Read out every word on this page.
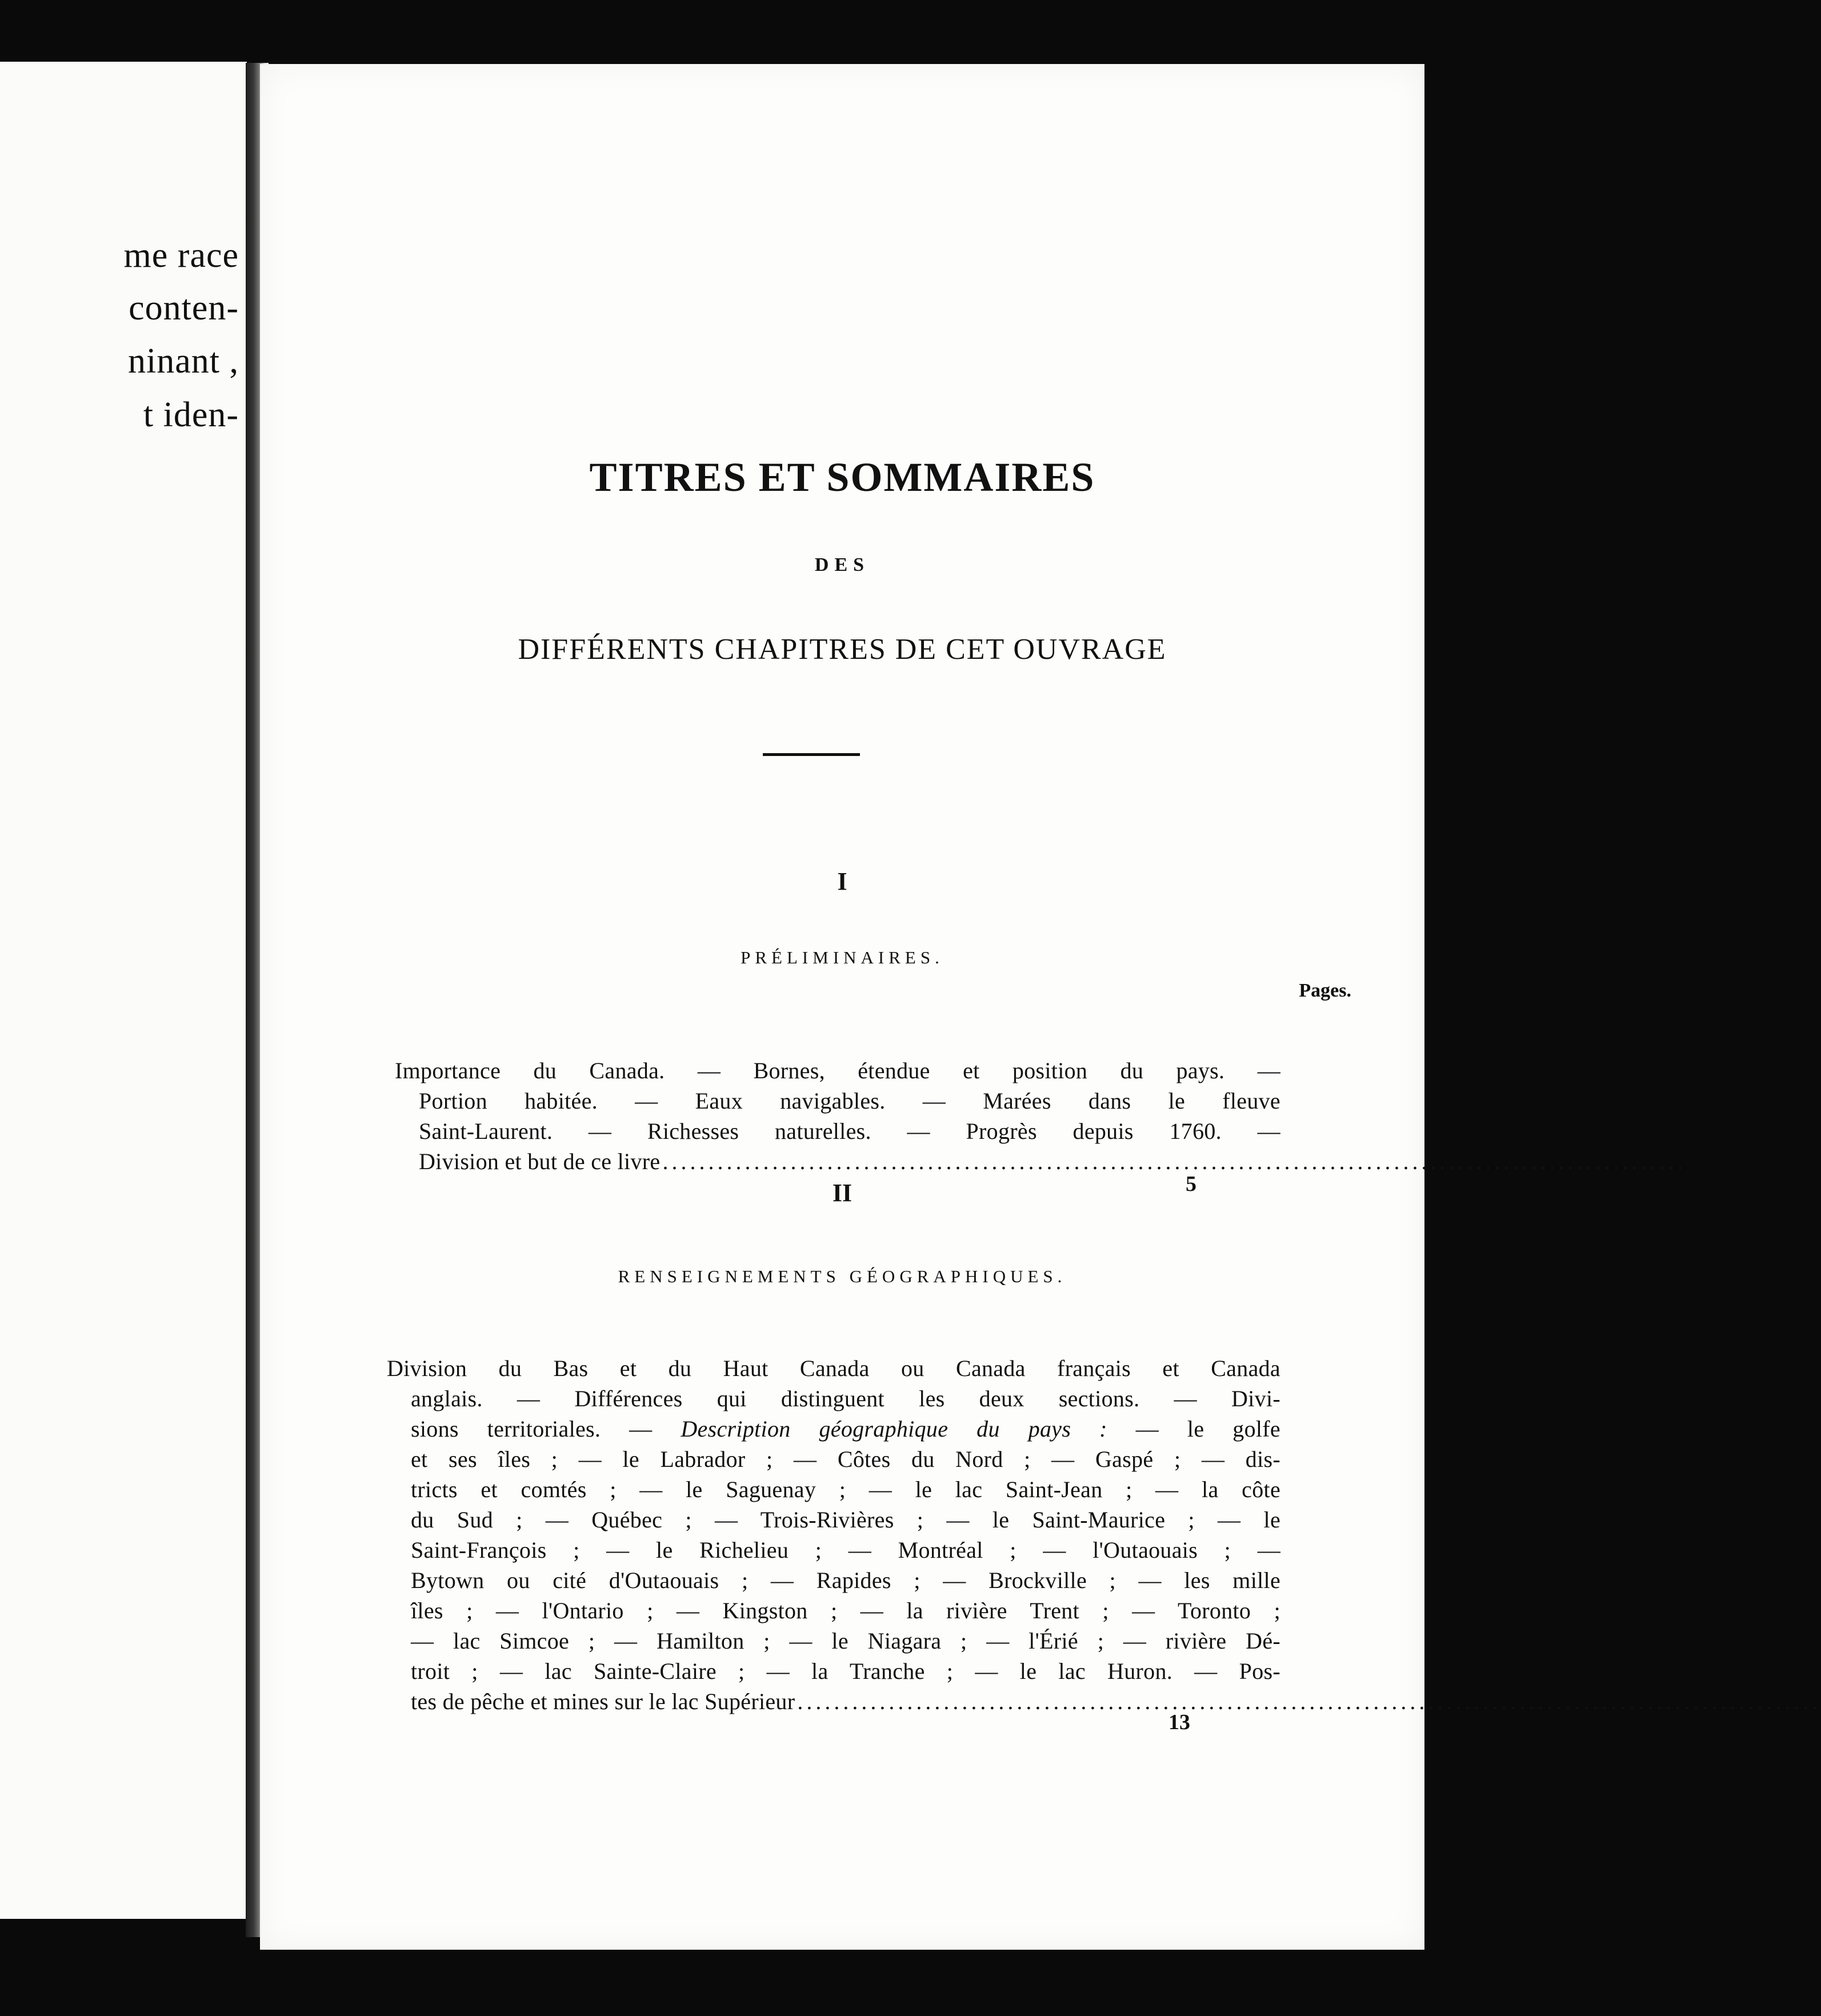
me race
conten-
ninant ,
t iden-
TITRES ET SOMMAIRES
DES
DIFFÉRENTS CHAPITRES DE CET OUVRAGE
I
PRÉLIMINAIRES.
Pages.
Importance du Canada. — Bornes, étendue et position du pays. —
Portion habitée. — Eaux navigables. — Marées dans le fleuve
Saint-Laurent. — Richesses naturelles. — Progrès depuis 1760. —
Division et but de ce livre ................................................................................................................
5
II
RENSEIGNEMENTS GÉOGRAPHIQUES.
Division du Bas et du Haut Canada ou Canada français et Canada
anglais. — Différences qui distinguent les deux sections. — Divi-
sions territoriales. — Description géographique du pays : — le golfe
et ses îles ; — le Labrador ; — Côtes du Nord ; — Gaspé ; — dis-
tricts et comtés ; — le Saguenay ; — le lac Saint-Jean ; — la côte
du Sud ; — Québec ; — Trois-Rivières ; — le Saint-Maurice ; — le
Saint-François ; — le Richelieu ; — Montréal ; — l'Outaouais ; —
Bytown ou cité d'Outaouais ; — Rapides ; — Brockville ; — les mille
îles ; — l'Ontario ; — Kingston ; — la rivière Trent ; — Toronto ;
— lac Simcoe ; — Hamilton ; — le Niagara ; — l'Érié ; — rivière Dé-
troit ; — lac Sainte-Claire ; — la Tranche ; — le lac Huron. — Pos-
tes de pêche et mines sur le lac Supérieur ................................................................................................................
13
